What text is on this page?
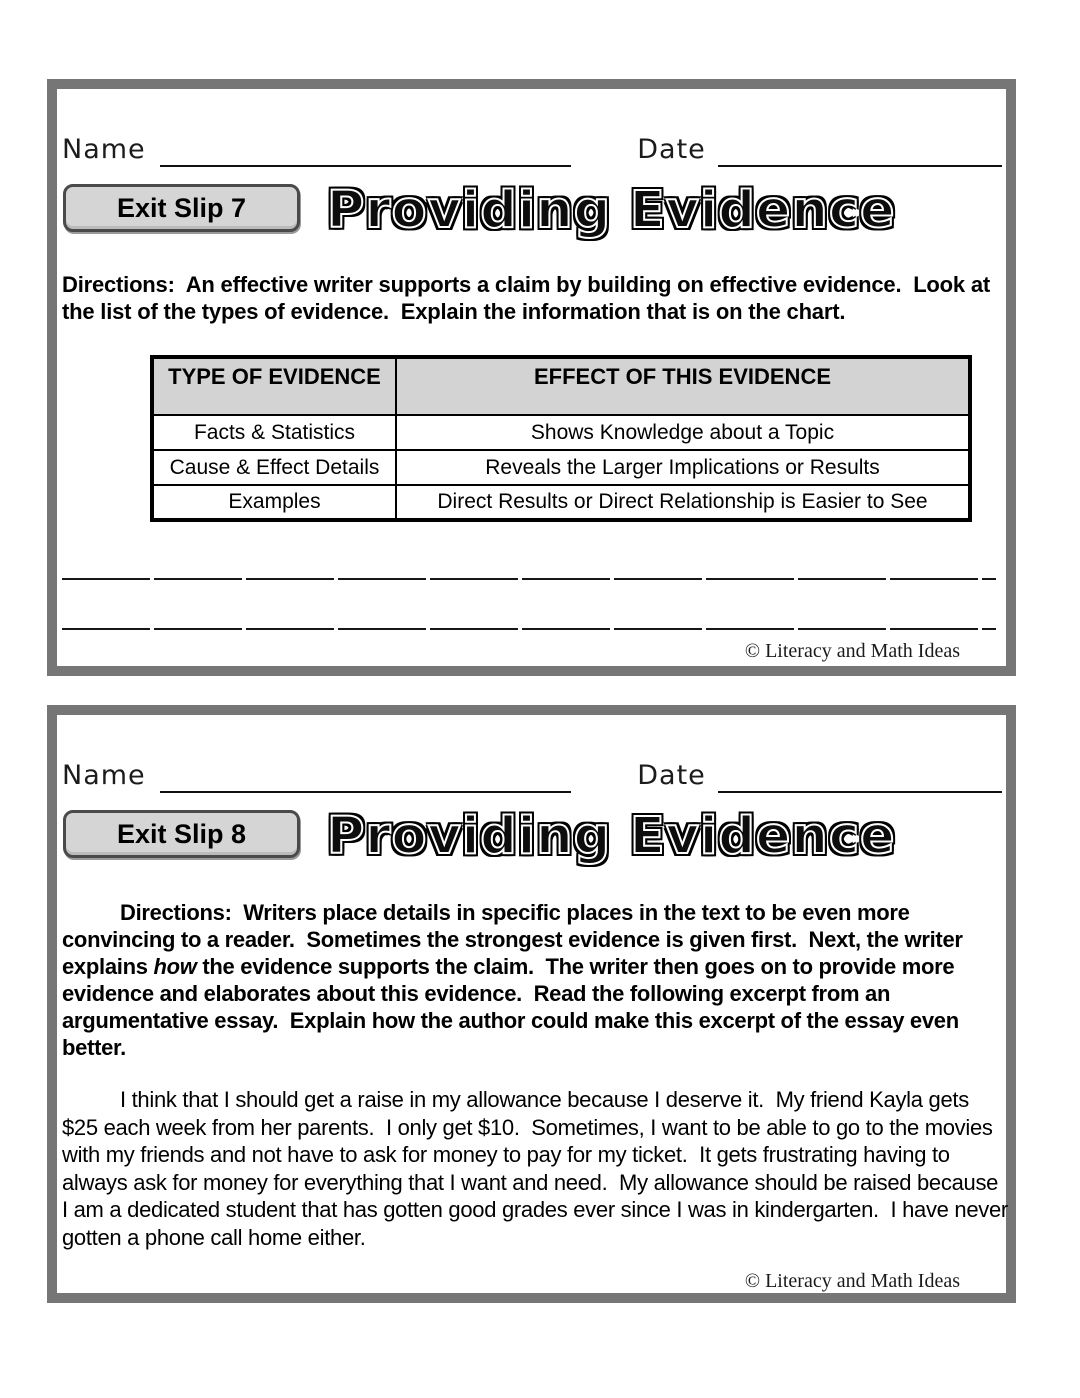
Name	Date
Exit Slip 7 Providing Evidence

Directions:  An effective writer supports a claim by building on effective evidence.  Look at the list of the types of evidence.  Explain the information that is on the chart.

TYPE OF EVIDENCE	EFFECT OF THIS EVIDENCE
Facts & Statistics	Shows Knowledge about a Topic
Cause & Effect Details	Reveals the Larger Implications or Results
Examples	Direct Results or Direct Relationship is Easier to See
© Literacy and Math Ideas
Name	Date
Exit Slip 8 Providing Evidence

Directions:  Writers place details in specific places in the text to be even more convincing to a reader.  Sometimes the strongest evidence is given first.  Next, the writer explains how the evidence supports the claim.  The writer then goes on to provide more evidence and elaborates about this evidence.  Read the following excerpt from an argumentative essay.  Explain how the author could make this excerpt of the essay even better.

I think that I should get a raise in my allowance because I deserve it.  My friend Kayla gets $25 each week from her parents.  I only get $10.  Sometimes, I want to be able to go to the movies with my friends and not have to ask for money to pay for my ticket.  It gets frustrating having to always ask for money for everything that I want and need.  My allowance should be raised because I am a dedicated student that has gotten good grades ever since I was in kindergarten.  I have never gotten a phone call home either.

© Literacy and Math Ideas
